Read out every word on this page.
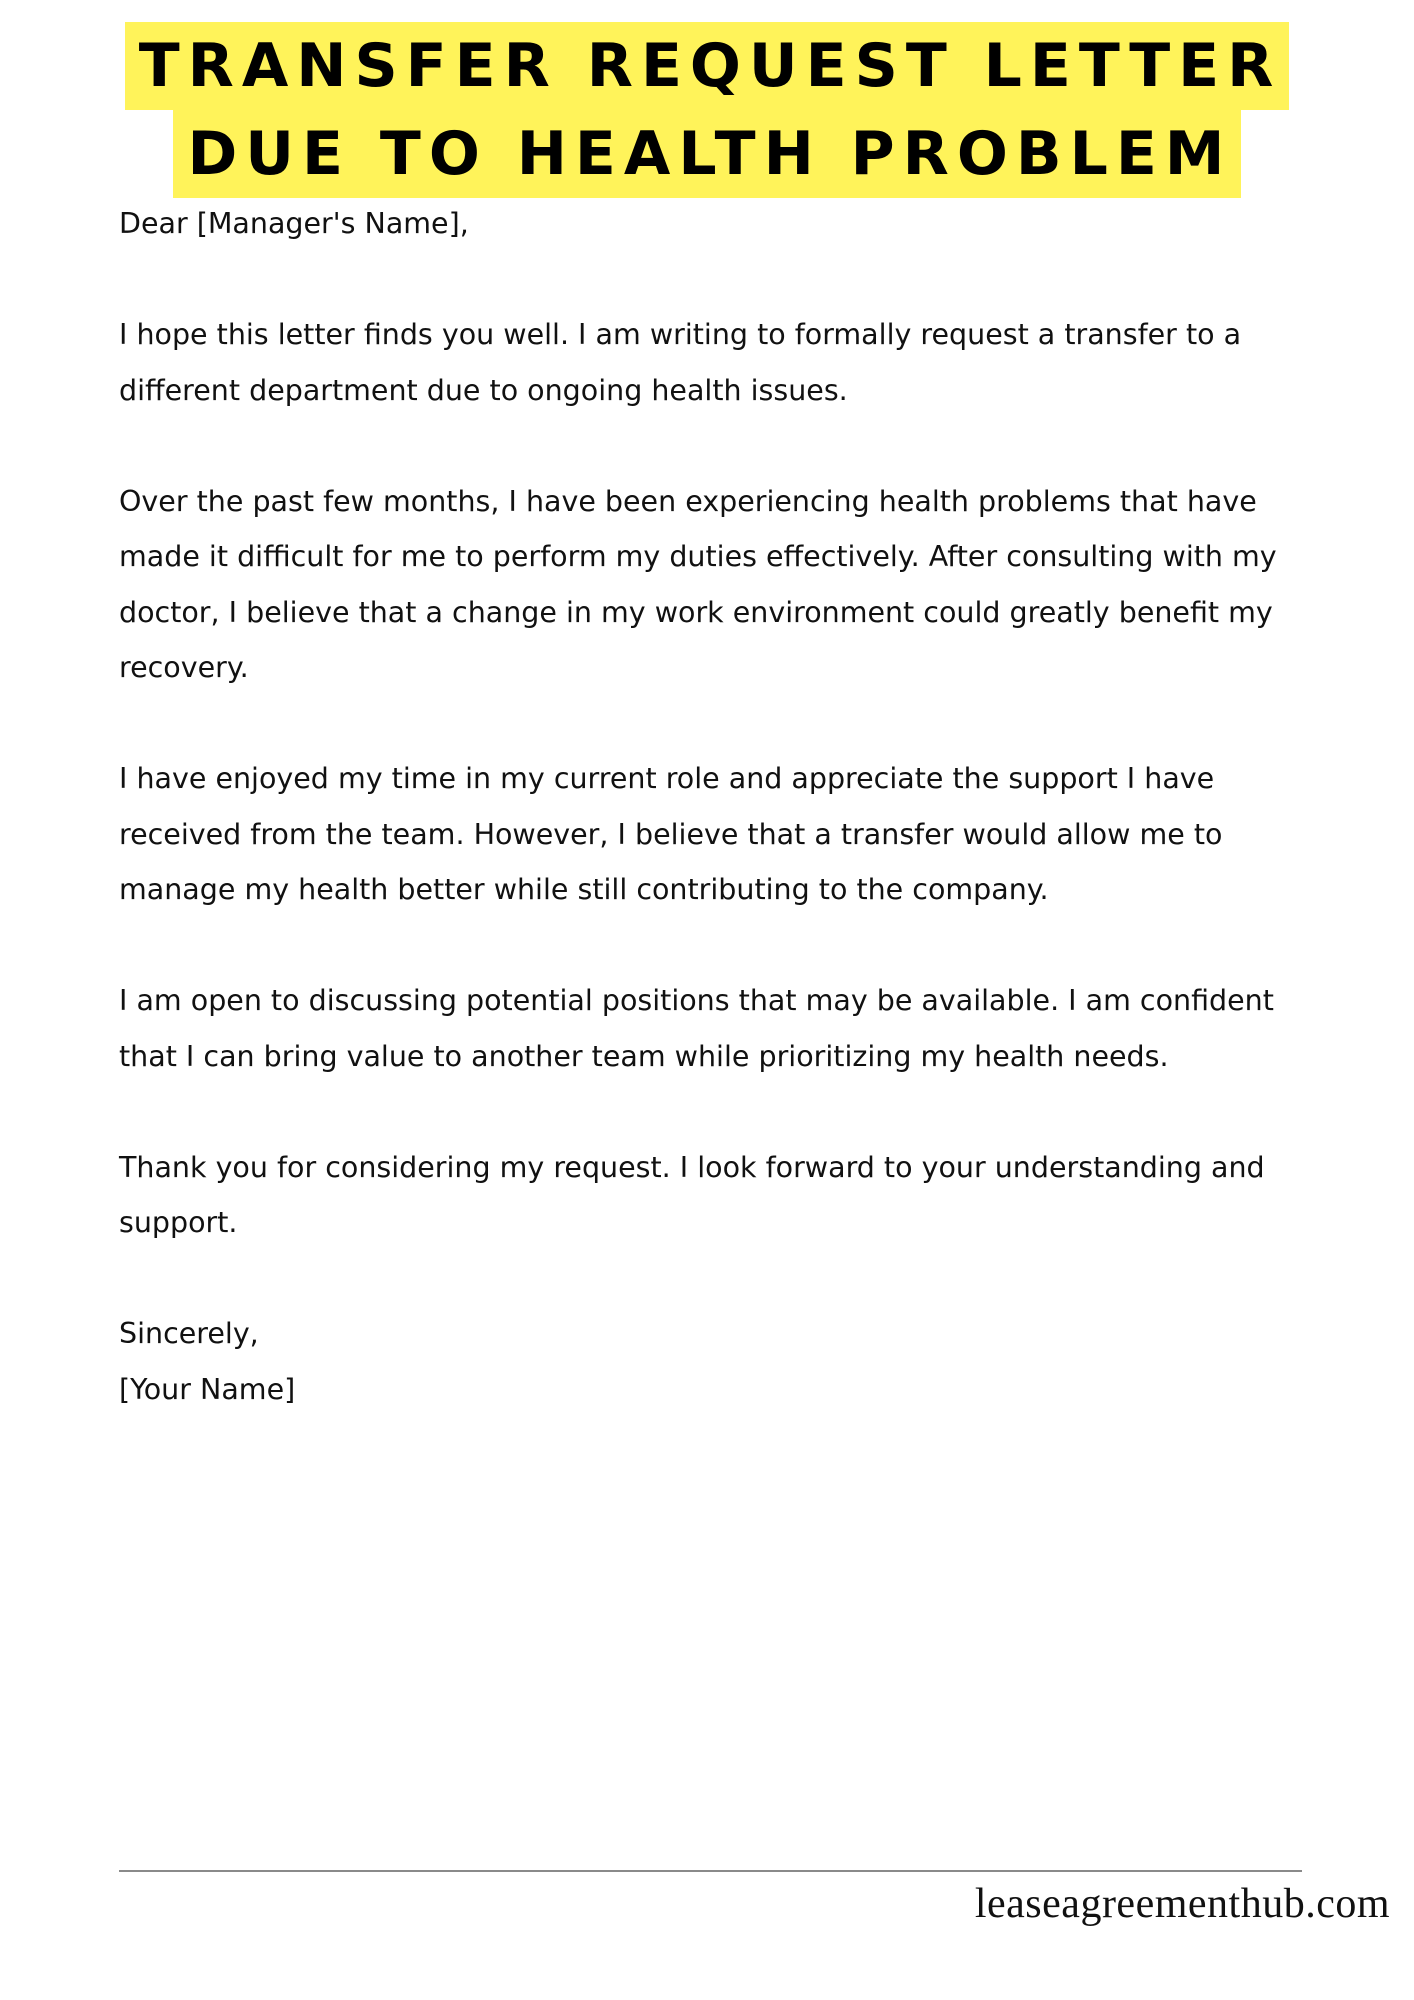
TRANSFER REQUEST LETTER
DUE TO HEALTH PROBLEM

Dear [Manager's Name],

I hope this letter finds you well. I am writing to formally request a transfer to a different department due to ongoing health issues.

Over the past few months, I have been experiencing health problems that have made it difficult for me to perform my duties effectively. After consulting with my doctor, I believe that a change in my work environment could greatly benefit my recovery.

I have enjoyed my time in my current role and appreciate the support I have received from the team. However, I believe that a transfer would allow me to manage my health better while still contributing to the company.

I am open to discussing potential positions that may be available. I am confident that I can bring value to another team while prioritizing my health needs.

Thank you for considering my request. I look forward to your understanding and support.

Sincerely,

[Your Name]

leaseagreementhub.com
